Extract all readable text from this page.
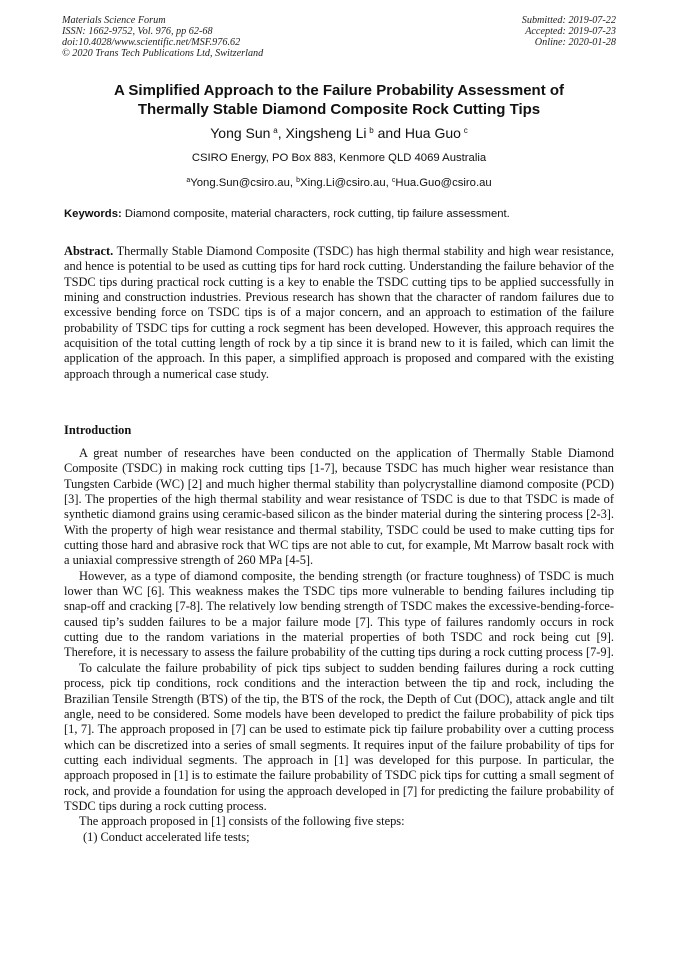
Materials Science Forum
ISSN: 1662-9752, Vol. 976, pp 62-68
doi:10.4028/www.scientific.net/MSF.976.62
© 2020 Trans Tech Publications Ltd, Switzerland
Submitted: 2019-07-22
Accepted: 2019-07-23
Online: 2020-01-28
A Simplified Approach to the Failure Probability Assessment of
Thermally Stable Diamond Composite Rock Cutting Tips
Yong Sun  $^a$, Xingsheng Li  $^b$ and Hua Guo  $^c$
CSIRO Energy, PO Box 883, Kenmore QLD 4069 Australia
$^a$Yong.Sun@csiro.au, $^b$Xing.Li@csiro.au, $^c$Hua.Guo@csiro.au
Keywords: Diamond composite, material characters, rock cutting, tip failure assessment.
Abstract. Thermally Stable Diamond Composite (TSDC) has high thermal stability and high wear resistance, and hence is potential to be used as cutting tips for hard rock cutting. Understanding the failure behavior of the TSDC tips during practical rock cutting is a key to enable the TSDC cutting tips to be applied successfully in mining and construction industries. Previous research has shown that the character of random failures due to excessive bending force on TSDC tips is of a major concern, and an approach to estimation of the failure probability of TSDC tips for cutting a rock segment has been developed. However, this approach requires the acquisition of the total cutting length of rock by a tip since it is brand new to it is failed, which can limit the application of the approach. In this paper, a simplified approach is proposed and compared with the existing approach through a numerical case study.
Introduction

A great number of researches have been conducted on the application of Thermally Stable Diamond Composite (TSDC) in making rock cutting tips [1-7], because TSDC has much higher wear resistance than Tungsten Carbide (WC) [2] and much higher thermal stability than polycrystalline diamond composite (PCD) [3]. The properties of the high thermal stability and wear resistance of TSDC is due to that TSDC is made of synthetic diamond grains using ceramic-based silicon as the binder material during the sintering process [2-3]. With the property of high wear resistance and thermal stability, TSDC could be used to make cutting tips for cutting those hard and abrasive rock that WC tips are not able to cut, for example, Mt Marrow basalt rock with a uniaxial compressive strength of 260 MPa [4-5].

However, as a type of diamond composite, the bending strength (or fracture toughness) of TSDC is much lower than WC [6]. This weakness makes the TSDC tips more vulnerable to bending failures including tip snap-off and cracking [7-8]. The relatively low bending strength of TSDC makes the excessive-bending-force-caused tip’s sudden failures to be a major failure mode [7]. This type of failures randomly occurs in rock cutting due to the random variations in the material properties of both TSDC and rock being cut [9]. Therefore, it is necessary to assess the failure probability of the cutting tips during a rock cutting process [7-9].

To calculate the failure probability of pick tips subject to sudden bending failures during a rock cutting process, pick tip conditions, rock conditions and the interaction between the tip and rock, including the Brazilian Tensile Strength (BTS) of the tip, the BTS of the rock, the Depth of Cut (DOC), attack angle and tilt angle, need to be considered. Some models have been developed to predict the failure probability of pick tips [1, 7]. The approach proposed in [7] can be used to estimate pick tip failure probability over a cutting process which can be discretized into a series of small segments. It requires input of the failure probability of tips for cutting each individual segments. The approach in [1] was developed for this purpose. In particular, the approach proposed in [1] is to estimate the failure probability of TSDC pick tips for cutting a small segment of rock, and provide a foundation for using the approach developed in [7] for predicting the failure probability of TSDC tips during a rock cutting process.

The approach proposed in [1] consists of the following five steps:

(1) Conduct accelerated life tests;
